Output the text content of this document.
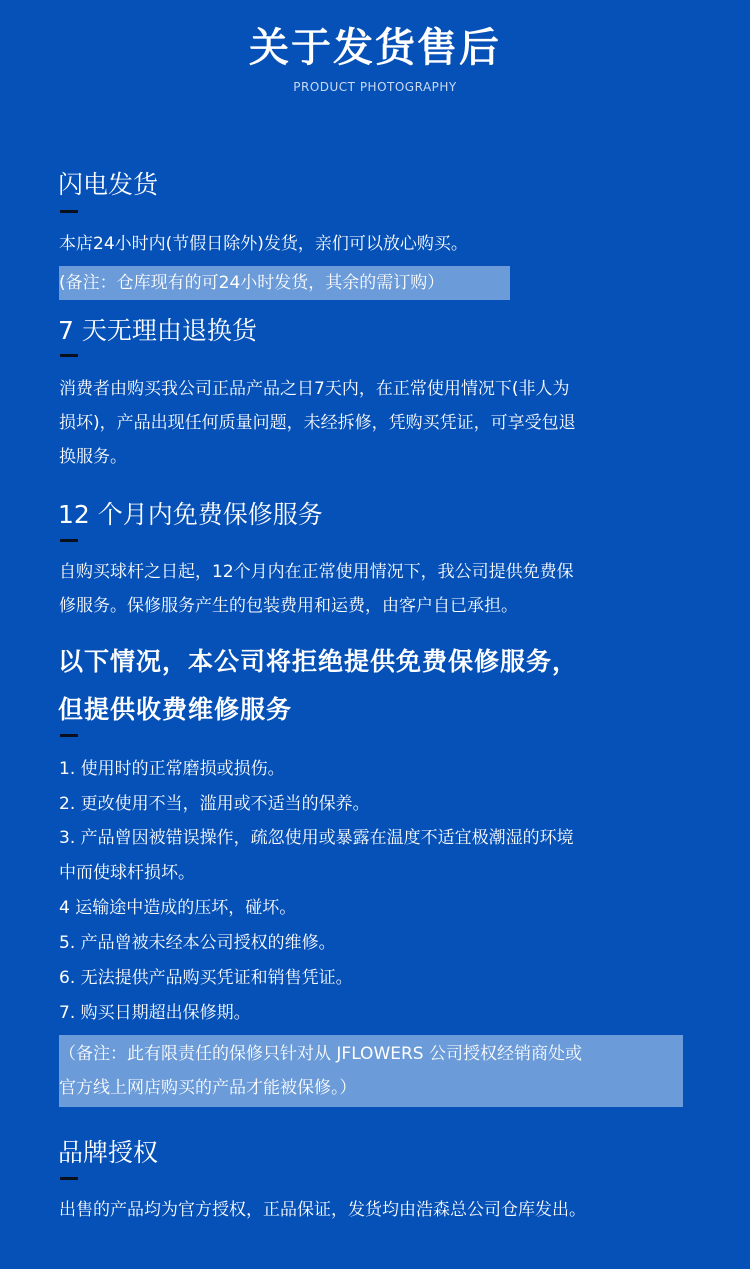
关于发货售后
PRODUCT PHOTOGRAPHY
闪电发货
本店24小时内(节假日除外)发货，亲们可以放心购买。
(备注：仓库现有的可24小时发货，其余的需订购）
7 天无理由退换货
消费者由购买我公司正品产品之日7天内，在正常使用情况下(非人为
损坏)，产品出现任何质量问题，未经拆修，凭购买凭证，可享受包退
换服务。
12 个月内免费保修服务
自购买球杆之日起，12个月内在正常使用情况下，我公司提供免费保
修服务。保修服务产生的包装费用和运费，由客户自已承担。
以下情况，本公司将拒绝提供免费保修服务，
但提供收费维修服务
1. 使用时的正常磨损或损伤。
2. 更改使用不当，滥用或不适当的保养。
3. 产品曾因被错误操作，疏忽使用或暴露在温度不适宜极潮湿的环境
中而使球杆损坏。
4 运输途中造成的压坏，碰坏。
5. 产品曾被未经本公司授权的维修。
6. 无法提供产品购买凭证和销售凭证。
7. 购买日期超出保修期。
（备注：此有限责任的保修只针对从 JFLOWERS 公司授权经销商处或
官方线上网店购买的产品才能被保修。）
品牌授权
出售的产品均为官方授权，正品保证，发货均由浩森总公司仓库发出。
